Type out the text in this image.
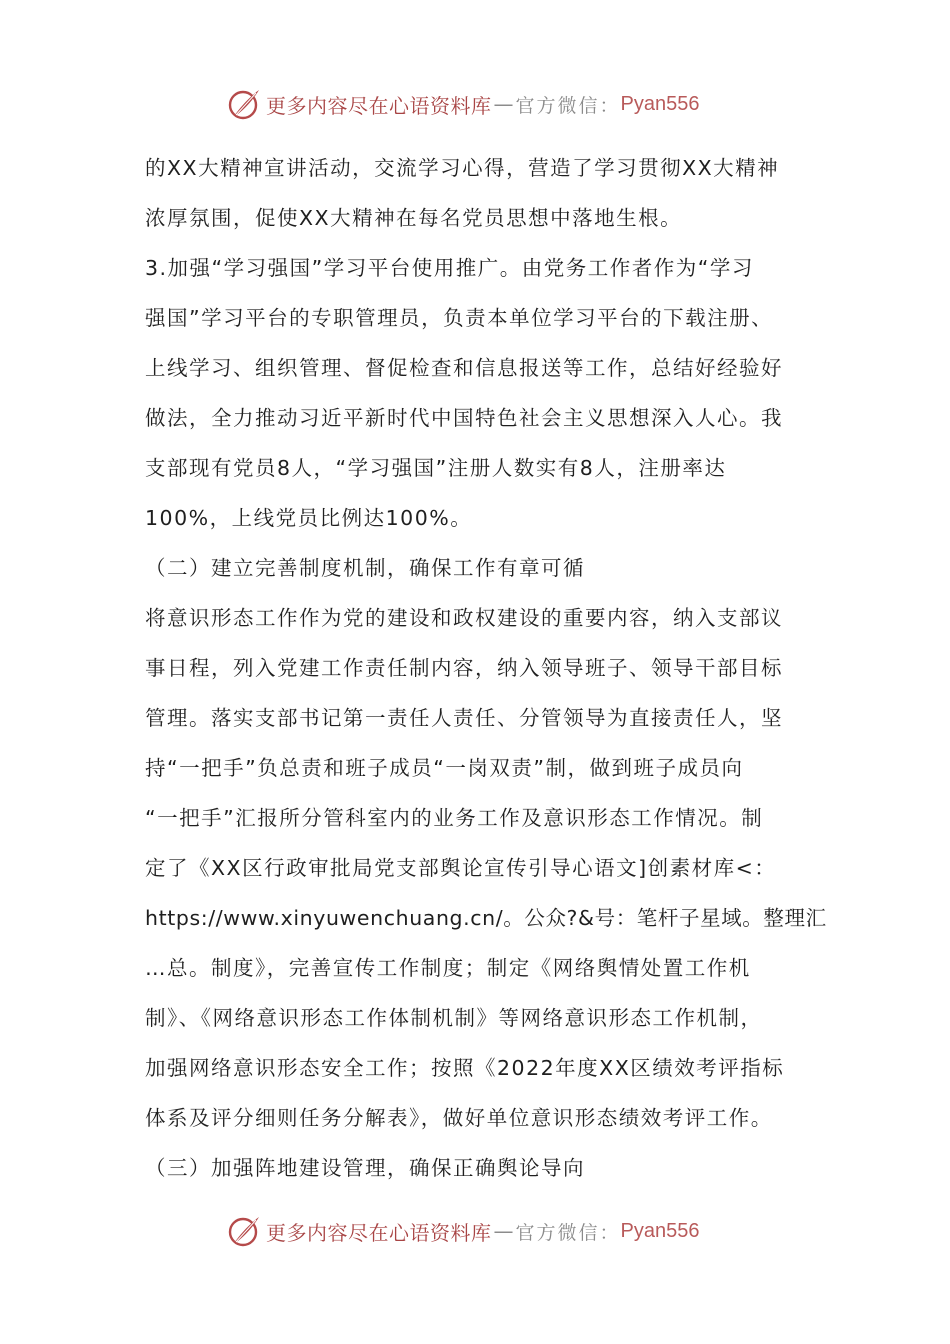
更多内容尽在心语资料库 — 官方微信： Pyan556
的XX大精神宣讲活动，交流学习心得，营造了学习贯彻XX大精神
浓厚氛围，促使XX大精神在每名党员思想中落地生根。
3.加强“学习强国”学习平台使用推广。由党务工作者作为“学习
强国”学习平台的专职管理员，负责本单位学习平台的下载注册、
上线学习、组织管理、督促检查和信息报送等工作，总结好经验好
做法，全力推动习近平新时代中国特色社会主义思想深入人心。我
支部现有党员8人，“学习强国”注册人数实有8人，注册率达
100%，上线党员比例达100%。
（二）建立完善制度机制，确保工作有章可循
将意识形态工作作为党的建设和政权建设的重要内容，纳入支部议
事日程，列入党建工作责任制内容，纳入领导班子、领导干部目标
管理。落实支部书记第一责任人责任、分管领导为直接责任人，坚
持“一把手”负总责和班子成员“一岗双责”制，做到班子成员向
“一把手”汇报所分管科室内的业务工作及意识形态工作情况。制
定了《XX区行政审批局党支部舆论宣传引导心语文]创素材库<：
https://www.xinyuwenchuang.cn/。公众?&号：笔杆子星域。整理汇
…总。制度》，完善宣传工作制度；制定《网络舆情处置工作机
制》、《网络意识形态工作体制机制》等网络意识形态工作机制，
加强网络意识形态安全工作；按照《2022年度XX区绩效考评指标
体系及评分细则任务分解表》，做好单位意识形态绩效考评工作。
（三）加强阵地建设管理，确保正确舆论导向
更多内容尽在心语资料库 — 官方微信： Pyan556
